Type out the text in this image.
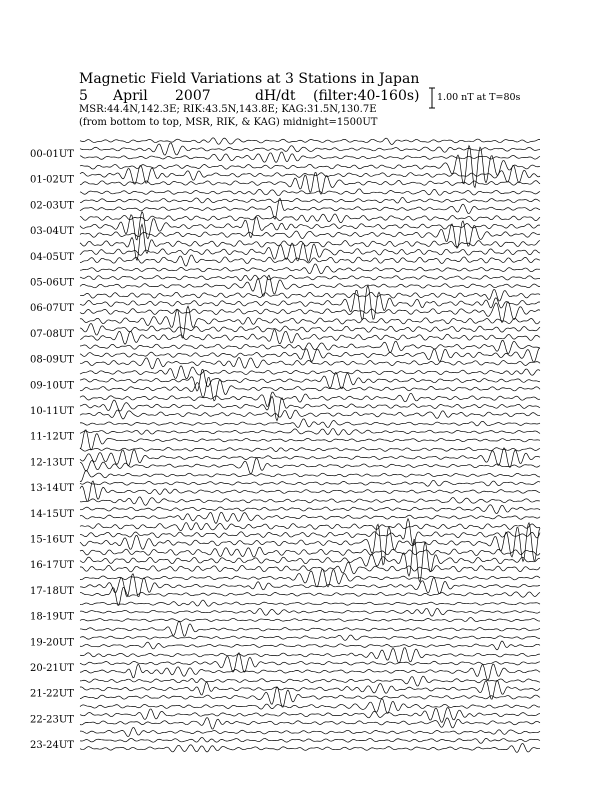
Magnetic Field Variations at 3 Stations in Japan
5 April 2007	dH/dt (filter:40-160s)
MSR:44.4N,142.3E; RIK:43.5N,143.8E; KAG:31.5N,130.7E
(from bottom to top, MSR, RIK, & KAG) midnight=1500UT
1.00 nT at T=80s
00-01UT
01-02UT
02-03UT
03-04UT
04-05UT
05-06UT
06-07UT
07-08UT
08-09UT
09-10UT
10-11UT
11-12UT
12-13UT
13-14UT
14-15UT
15-16UT
16-17UT
17-18UT
18-19UT
19-20UT
20-21UT
21-22UT
22-23UT
23-24UT
